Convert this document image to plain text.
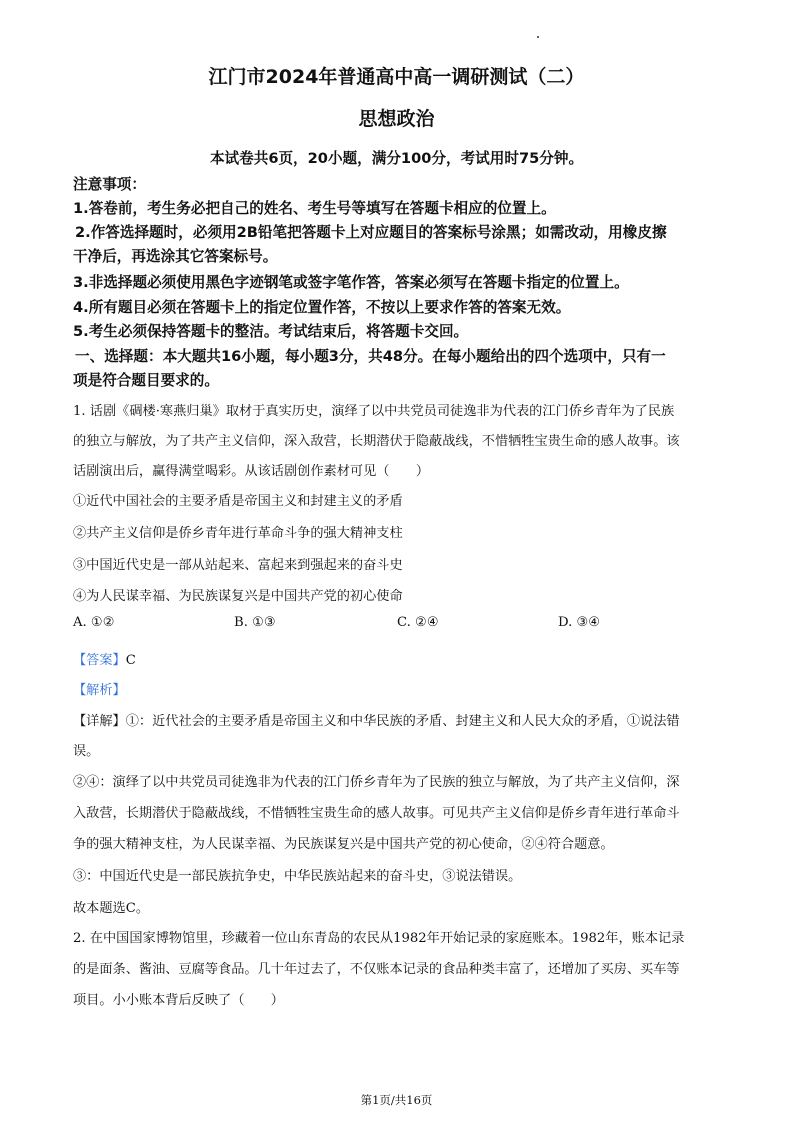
江门市2024年普通高中高一调研测试（二）
思想政治
本试卷共6页，20小题，满分100分，考试用时75分钟。
注意事项：
1.答卷前，考生务必把自己的姓名、考生号等填写在答题卡相应的位置上。
2.作答选择题时，必须用2B铅笔把答题卡上对应题目的答案标号涂黑；如需改动，用橡皮擦
干净后，再选涂其它答案标号。
3.非选择题必须使用黑色字迹钢笔或签字笔作答，答案必须写在答题卡指定的位置上。
4.所有题目必须在答题卡上的指定位置作答，不按以上要求作答的答案无效。
5.考生必须保持答题卡的整洁。考试结束后，将答题卡交回。
一、选择题：本大题共16小题，每小题3分，共48分。在每小题给出的四个选项中，只有一
项是符合题目要求的。
1. 话剧《碉楼·寒燕归巢》取材于真实历史，演绎了以中共党员司徒逸非为代表的江门侨乡青年为了民族
的独立与解放，为了共产主义信仰，深入敌营，长期潜伏于隐蔽战线，不惜牺牲宝贵生命的感人故事。该
话剧演出后，赢得满堂喝彩。从该话剧创作素材可见（　　）
①近代中国社会的主要矛盾是帝国主义和封建主义的矛盾
②共产主义信仰是侨乡青年进行革命斗争的强大精神支柱
③中国近代史是一部从站起来、富起来到强起来的奋斗史
④为人民谋幸福、为民族谋复兴是中国共产党的初心使命
A. ①②	B. ①③	C. ②④	D. ③④
【答案】C
【解析】
【详解】①：近代社会的主要矛盾是帝国主义和中华民族的矛盾、封建主义和人民大众的矛盾，①说法错
误。
②④：演绎了以中共党员司徒逸非为代表的江门侨乡青年为了民族的独立与解放，为了共产主义信仰，深
入敌营，长期潜伏于隐蔽战线，不惜牺牲宝贵生命的感人故事。可见共产主义信仰是侨乡青年进行革命斗
争的强大精神支柱，为人民谋幸福、为民族谋复兴是中国共产党的初心使命，②④符合题意。
③：中国近代史是一部民族抗争史，中华民族站起来的奋斗史，③说法错误。
故本题选C。
2. 在中国国家博物馆里，珍藏着一位山东青岛的农民从1982年开始记录的家庭账本。1982年，账本记录
的是面条、酱油、豆腐等食品。几十年过去了，不仅账本记录的食品种类丰富了，还增加了买房、买车等
项目。小小账本背后反映了（　　）
第1页/共16页
